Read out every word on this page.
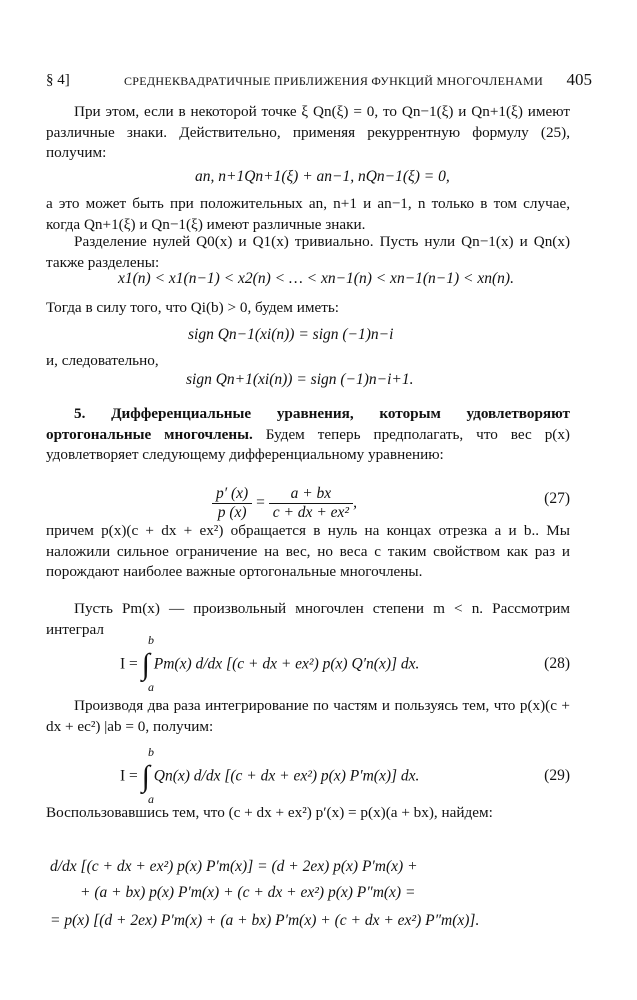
§ 4]	СРЕДНЕКВАДРАТИЧНЫЕ ПРИБЛИЖЕНИЯ ФУНКЦИЙ МНОГОЧЛЕНАМИ 405
При этом, если в некоторой точке ξ Qn(ξ) = 0, то Qn−1(ξ) и Qn+1(ξ) имеют различные знаки. Действительно, применяя рекуррентную формулу (25), получим:
an, n+1Qn+1(ξ) + an−1, nQn−1(ξ) = 0,
а это может быть при положительных an, n+1 и an−1, n только в том случае, когда Qn+1(ξ) и Qn−1(ξ) имеют различные знаки.
Разделение нулей Q0(x) и Q1(x) тривиально. Пусть нули Qn−1(x) и Qn(x) также разделены:
x1(n) < x1(n−1) < x2(n) < … < xn−1(n) < xn−1(n−1) < xn(n).
Тогда в силу того, что Qi(b) > 0, будем иметь:
sign Qn−1(xi(n)) = sign (−1)n−i
и, следовательно,
sign Qn+1(xi(n)) = sign (−1)n−i+1.
5. Дифференциальные уравнения, которым удовлетворяют ортогональные многочлены. Будем теперь предполагать, что вес p(x) удовлетворяет следующему дифференциальному уравнению:
$\frac{p' (x)}{p (x)} = \frac{a + bx}{\text{c + dx + ex²}}$ ,	(27)
причем p(x)(c + dx + ex²) обращается в нуль на концах отрезка a и b.. Мы наложили сильное ограничение на вес, но веса с таким свойством как раз и порождают наиболее важные ортогональные многочлены.
Пусть Pm(x) — произвольный многочлен степени m < n. Рассмотрим интеграл
I = ∫ Pm(x) d/dx [(c + dx + ex²) p(x) Q′n(x)] dx.
b
a
(28)
Производя два раза интегрирование по частям и пользуясь тем, что p(x)(c + dx + ec²) |ab = 0, получим:
I = ∫ Qn(x) d/dx [(c + dx + ex²) p(x) P′m(x)] dx.
b
a
(29)
Воспользовавшись тем, что (c + dx + ex²) p′(x) = p(x)(a + bx), найдем:
d/dx [(c + dx + ex²) p(x) P′m(x)] = (d + 2ex) p(x) P′m(x) +
+ (a + bx) p(x) P′m(x) + (c + dx + ex²) p(x) P″m(x) =
= p(x) [(d + 2ex) P′m(x) + (a + bx) P′m(x) + (c + dx + ex²) P″m(x)].
